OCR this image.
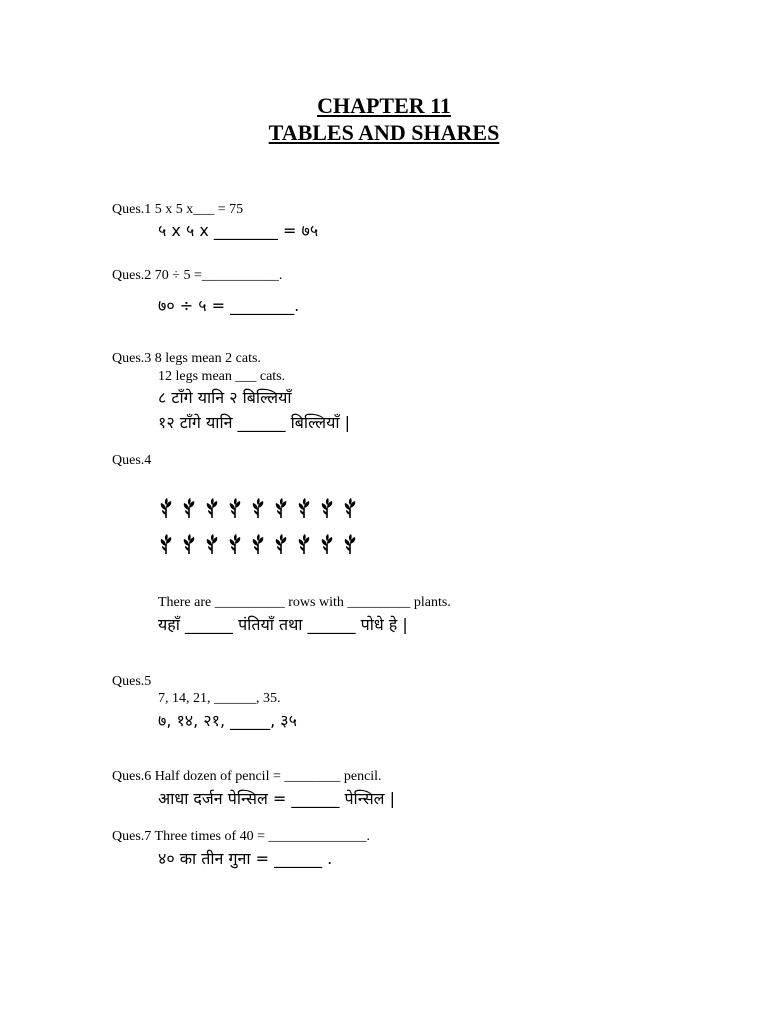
CHAPTER 11
TABLES AND SHARES
Ques.1 5 x 5 x___ = 75
५ x ५ x ________ = ७५
Ques.2 70 ÷ 5 =___________.
७० ÷ ५ = ________.
Ques.3 8 legs mean 2 cats.
12 legs mean ___ cats.
८ टाँगे यानि २ बिल्लियाँ
१२ टाँगे यानि ______ बिल्लियाँ |
Ques.4
There are __________ rows with _________ plants.
यहाँ ______ पंतियाँ तथा ______ पोधे हे |
Ques.5
7, 14, 21, ______, 35.
७, १४, २१, _____, ३५
Ques.6 Half dozen of pencil = ________ pencil.
आधा दर्जन पेन्सिल = ______ पेन्सिल |
Ques.7 Three times of 40 = ______________.
४० का तीन गुना = ______ .
